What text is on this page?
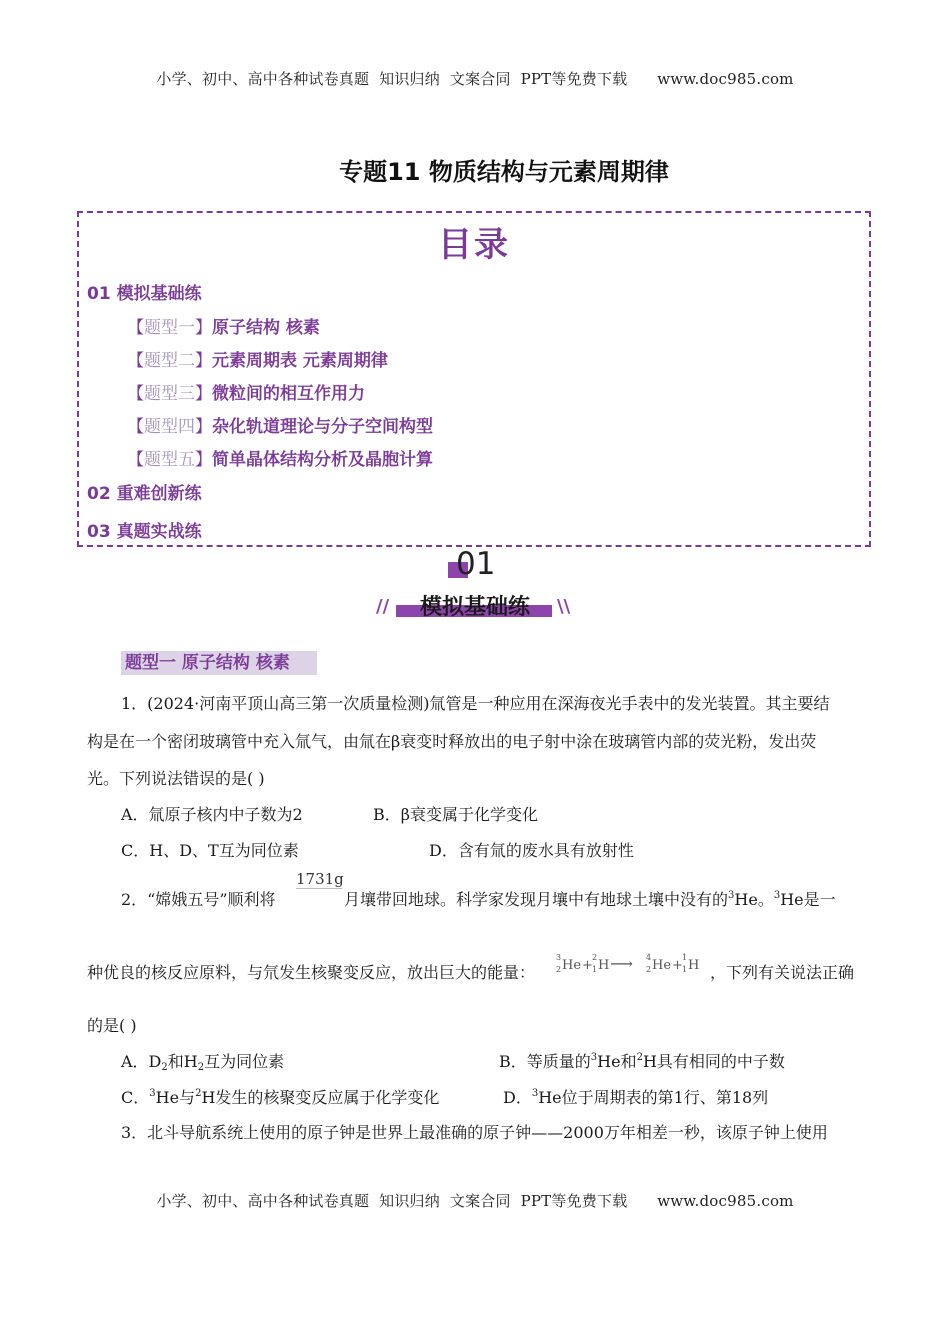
小学、初中、高中各种试卷真题  知识归纳  文案合同  PPT等免费下载      www.doc985.com
专题11 物质结构与元素周期律
目录
01 模拟基础练
【题型一】原子结构 核素
【题型二】元素周期表 元素周期律
【题型三】微粒间的相互作用力
【题型四】杂化轨道理论与分子空间构型
【题型五】简单晶体结构分析及晶胞计算
02 重难创新练
03 真题实战练
01
//	模拟基础练	\\
题型一 原子结构 核素
1．(2024·河南平顶山高三第一次质量检测)氚管是一种应用在深海夜光手表中的发光装置。其主要结
构是在一个密闭玻璃管中充入氚气，由氚在β衰变时释放出的电子射中涂在玻璃管内部的荧光粉，发出荧
光。下列说法错误的是( )
A．氚原子核内中子数为2	B．β衰变属于化学变化
C．H、D、T互为同位素	D．含有氚的废水具有放射性
2．“嫦娥五号”顺利将
1731g
月壤带回地球。科学家发现月壤中有地球土壤中没有的$^3$He。$^3$He是一
种优良的核反应原料，与氘发生核聚变反应，放出巨大的能量：
3
2 He +
2
1 H ⟶ 4
2 He +
1
1 H ，下列有关说法正确
的是( )
A．$D_2$和$H_2$互为同位素	B．等质量的$^3$He和$^2$H具有相同的中子数
C．$^3$He与$^2$H发生的核聚变反应属于化学变化	D．$^3$He位于周期表的第1行、第18列
3．北斗导航系统上使用的原子钟是世界上最准确的原子钟——2000万年相差一秒，该原子钟上使用
小学、初中、高中各种试卷真题  知识归纳  文案合同  PPT等免费下载      www.doc985.com
